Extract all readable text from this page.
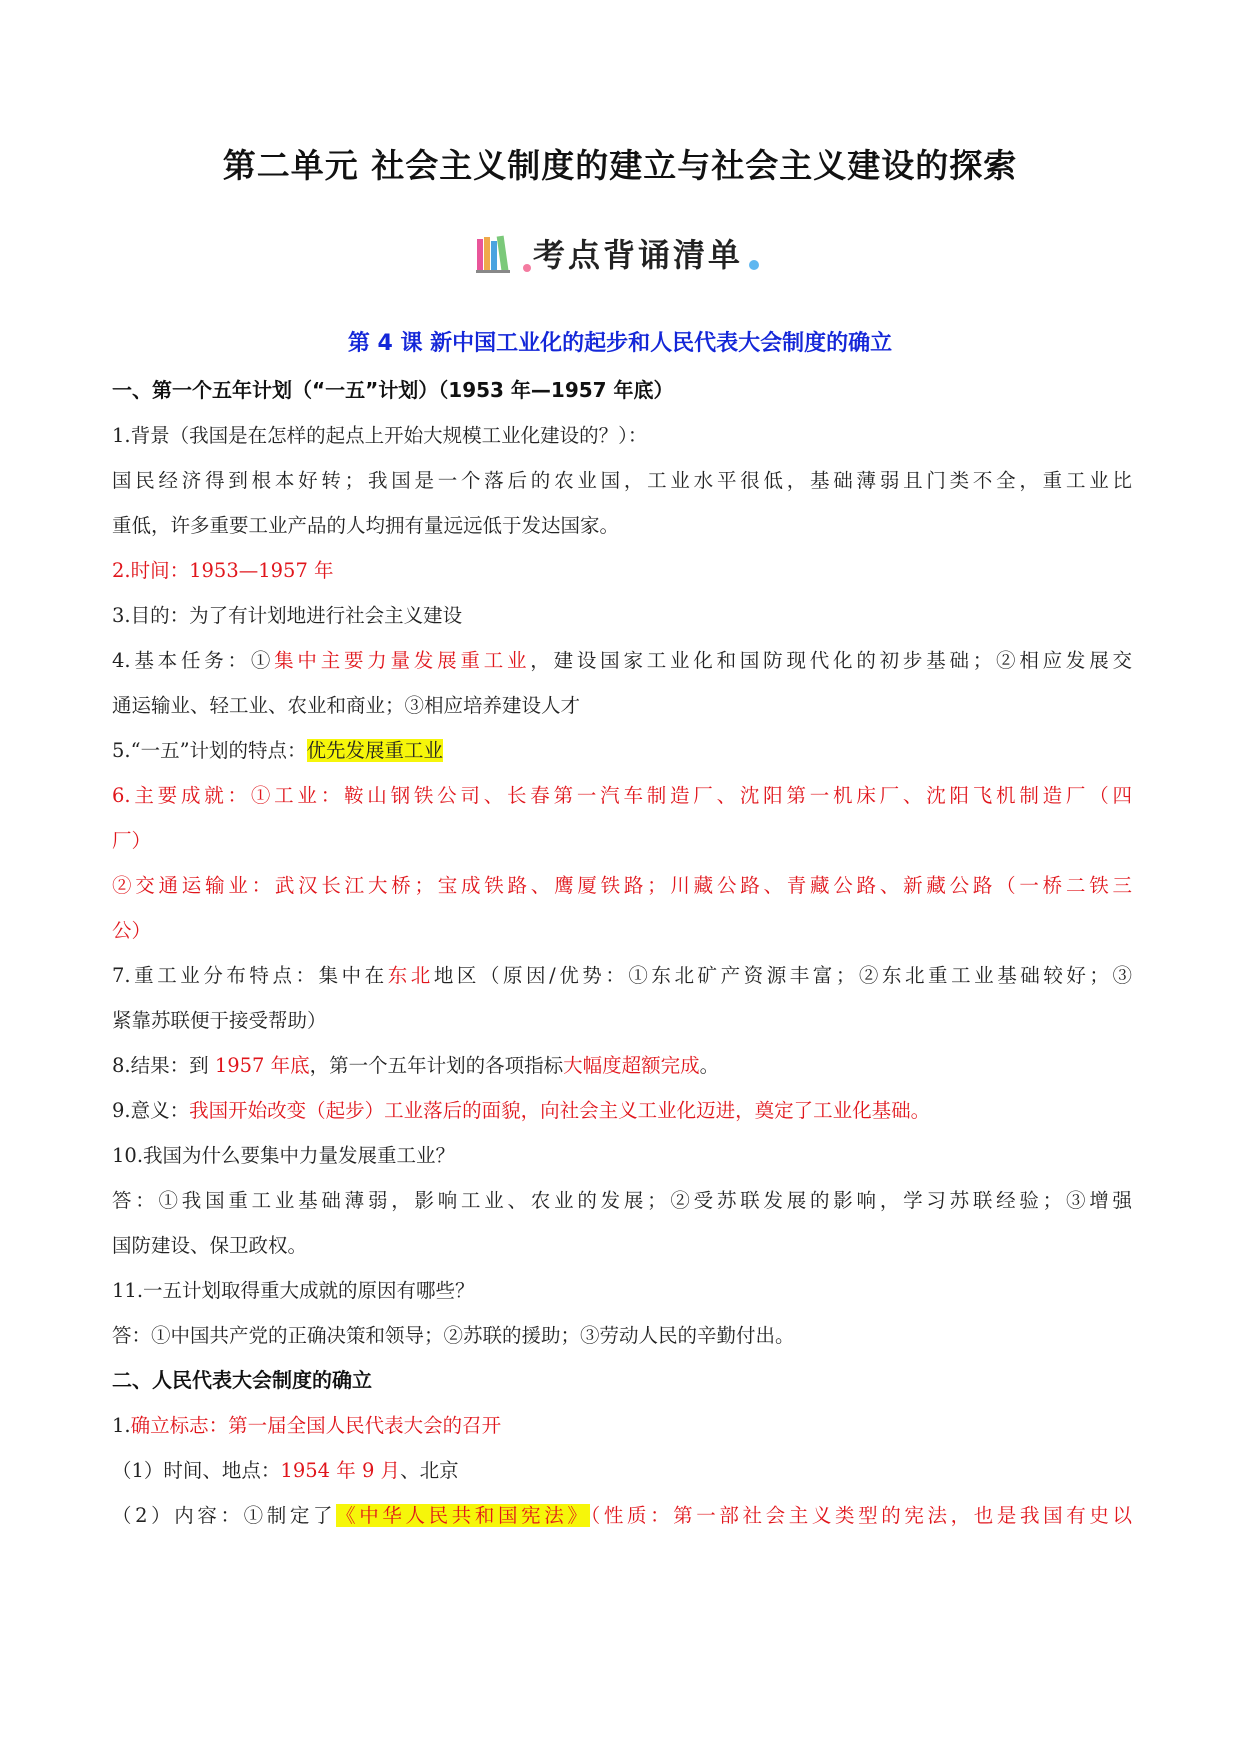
第二单元 社会主义制度的建立与社会主义建设的探索
考点背诵清单
第 4 课 新中国工业化的起步和人民代表大会制度的确立
一、第一个五年计划（“一五”计划）（1953 年—1957 年底）
1.背景（我国是在怎样的起点上开始大规模工业化建设的？）：
国民经济得到根本好转；我国是一个落后的农业国，工业水平很低，基础薄弱且门类不全，重工业比
重低，许多重要工业产品的人均拥有量远远低于发达国家。
2.时间：1953—1957 年
3.目的：为了有计划地进行社会主义建设
4.基本任务：①集中主要力量发展重工业，建设国家工业化和国防现代化的初步基础；②相应发展交
通运输业、轻工业、农业和商业；③相应培养建设人才
5.“一五”计划的特点：优先发展重工业
6.主要成就：①工业：鞍山钢铁公司、长春第一汽车制造厂、沈阳第一机床厂、沈阳飞机制造厂（四
厂）
②交通运输业：武汉长江大桥；宝成铁路、鹰厦铁路；川藏公路、青藏公路、新藏公路（一桥二铁三
公）
7.重工业分布特点：集中在东北地区（原因/优势：①东北矿产资源丰富；②东北重工业基础较好；③
紧靠苏联便于接受帮助）
8.结果：到 1957 年底，第一个五年计划的各项指标大幅度超额完成。
9.意义：我国开始改变（起步）工业落后的面貌，向社会主义工业化迈进，奠定了工业化基础。
10.我国为什么要集中力量发展重工业？
答：①我国重工业基础薄弱，影响工业、农业的发展；②受苏联发展的影响，学习苏联经验；③增强
国防建设、保卫政权。
11.一五计划取得重大成就的原因有哪些？
答：①中国共产党的正确决策和领导；②苏联的援助；③劳动人民的辛勤付出。
二、人民代表大会制度的确立
1.确立标志：第一届全国人民代表大会的召开
（1）时间、地点：1954 年 9 月、北京
（2）内容：①制定了《中华人民共和国宪法》（性质：第一部社会主义类型的宪法，也是我国有史以
